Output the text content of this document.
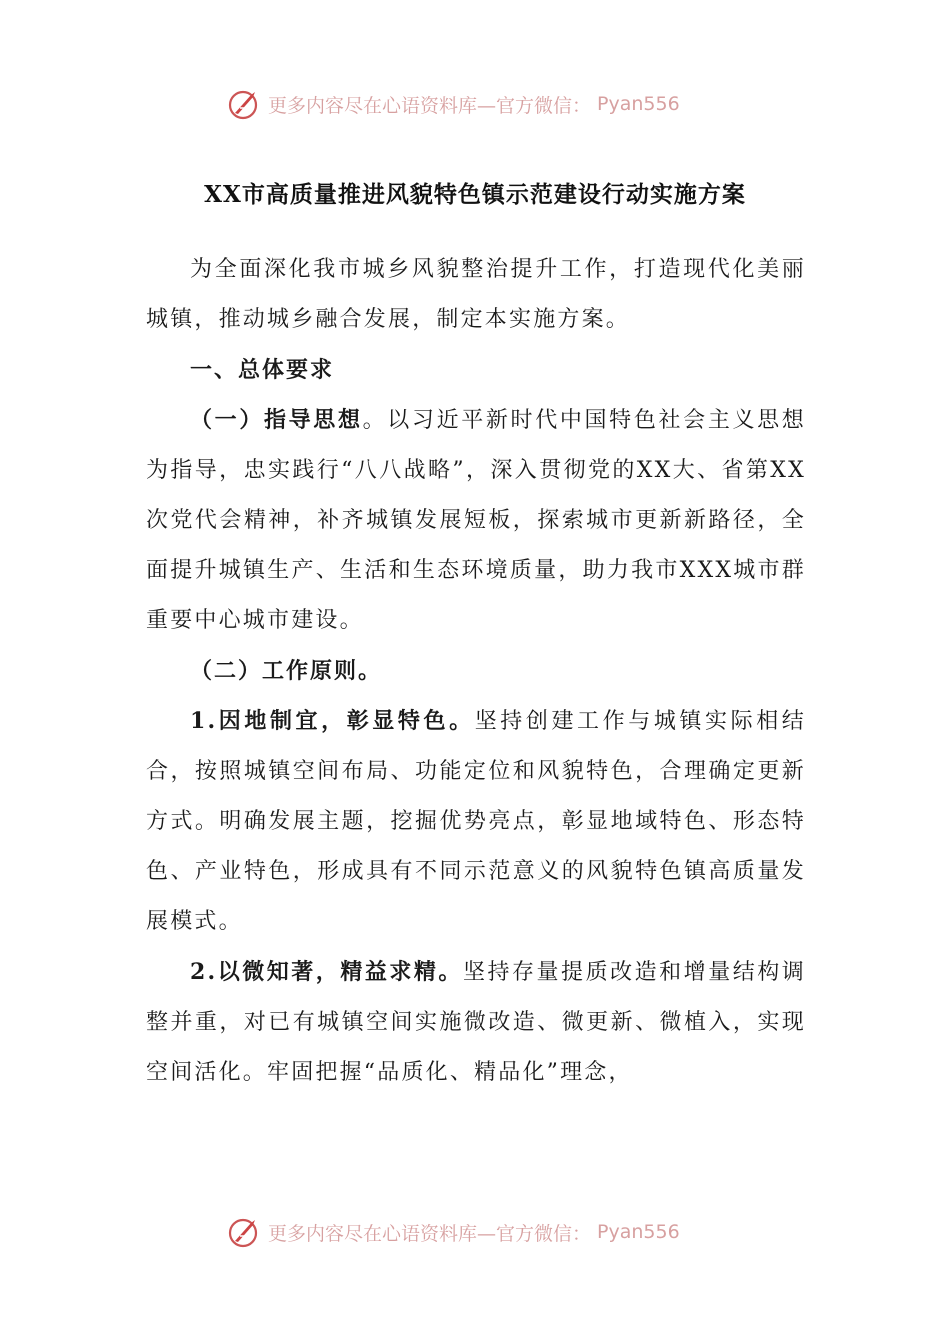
更多内容尽在心语资料库—官方微信： Pyan556
XX市高质量推进风貌特色镇示范建设行动实施方案

为全面深化我市城乡风貌整治提升工作，打造现代化美丽城镇，推动城乡融合发展，制定本实施方案。

一、总体要求

（一）指导思想。以习近平新时代中国特色社会主义思想为指导，忠实践行“八八战略”，深入贯彻党的XX大、省第XX次党代会精神，补齐城镇发展短板，探索城市更新新路径，全面提升城镇生产、生活和生态环境质量，助力我市XXX城市群重要中心城市建设。

（二）工作原则。

1.因地制宜，彰显特色。坚持创建工作与城镇实际相结合，按照城镇空间布局、功能定位和风貌特色，合理确定更新方式。明确发展主题，挖掘优势亮点，彰显地域特色、形态特色、产业特色，形成具有不同示范意义的风貌特色镇高质量发展模式。

2.以微知著，精益求精。坚持存量提质改造和增量结构调整并重，对已有城镇空间实施微改造、微更新、微植入，实现空间活化。牢固把握“品质化、精品化”理念，

更多内容尽在心语资料库—官方微信： Pyan556
